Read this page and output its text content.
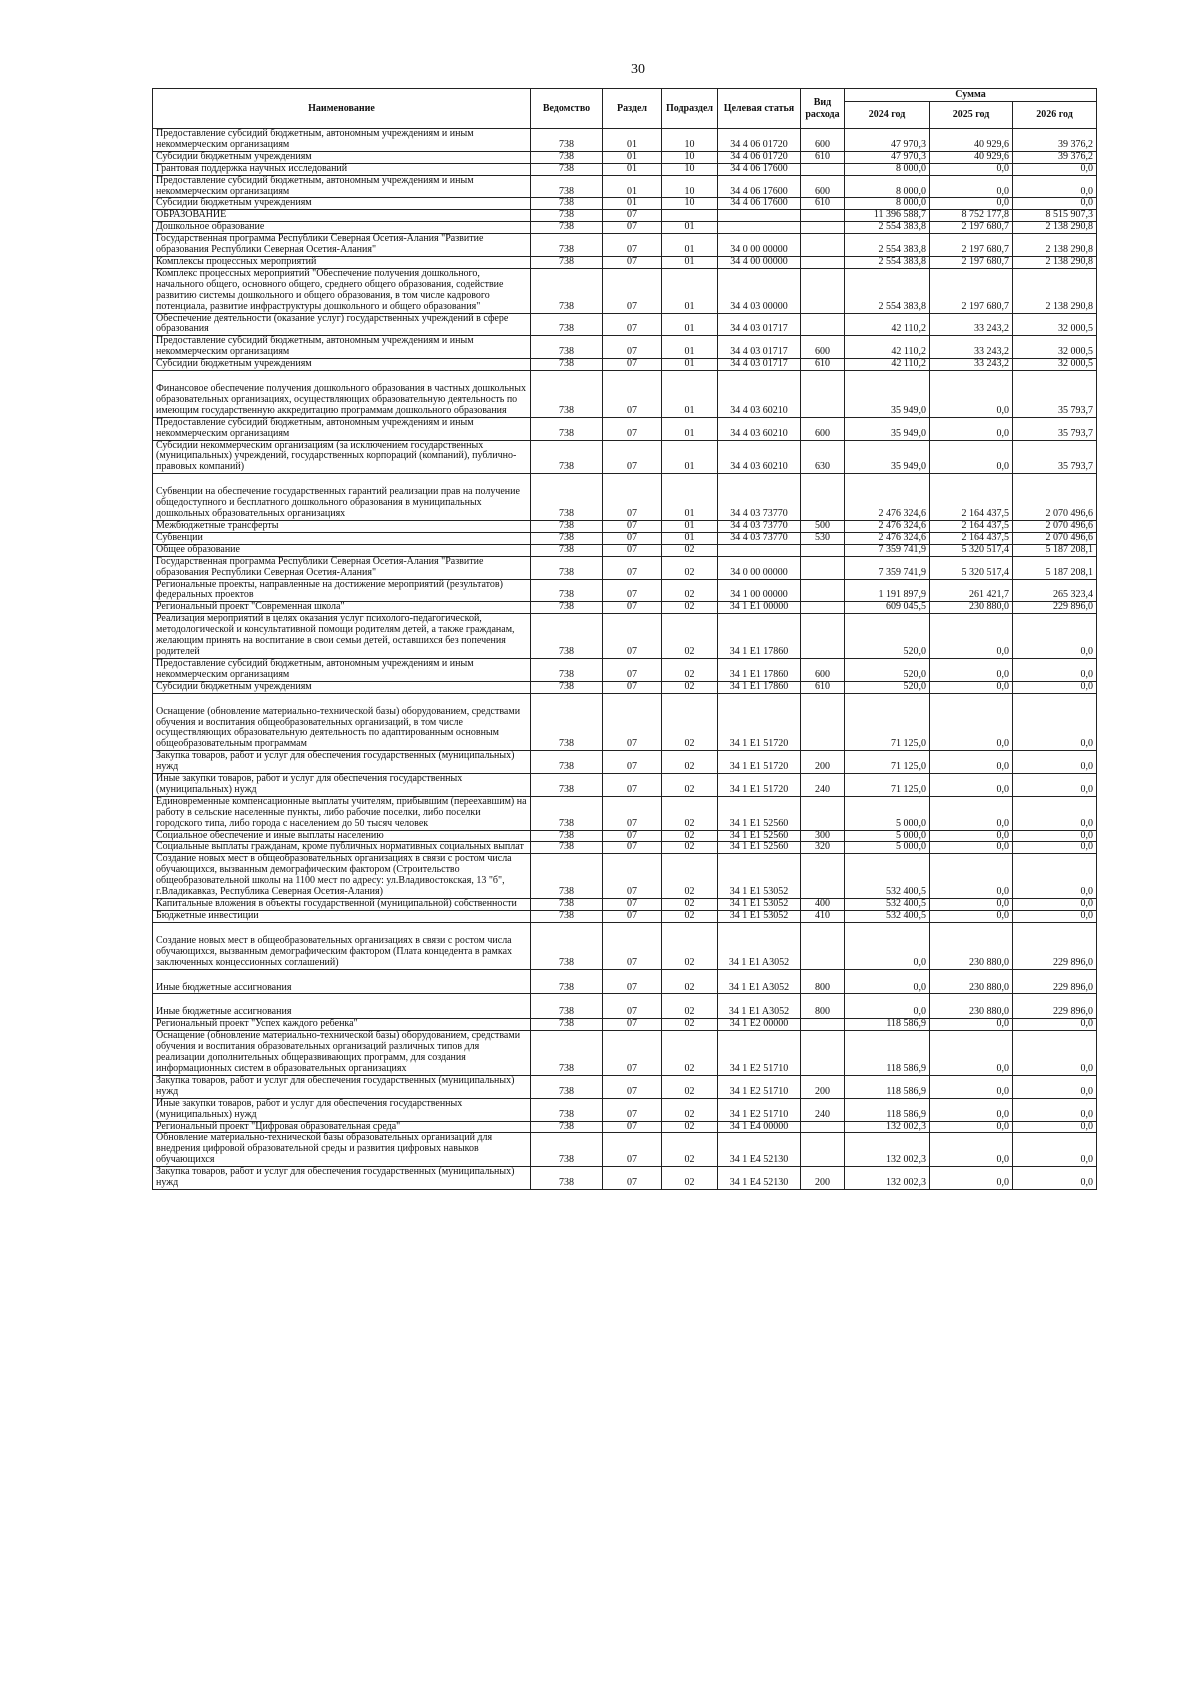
30
Наименование	Ведомство	Раздел	Подраздел	Целевая статья	Вид расхода	Сумма		
						2024 год	2025 год	2026 год
Предоставление субсидий бюджетным, автономным учреждениям и иным некоммерческим организациям	738	01	10	34 4 06 01720	600	47 970,3	40 929,6	39 376,2
Субсидии бюджетным учреждениям	738	01	10	34 4 06 01720	610	47 970,3	40 929,6	39 376,2
Грантовая поддержка научных исследований	738	01	10	34 4 06 17600		8 000,0	0,0	0,0
Предоставление субсидий бюджетным, автономным учреждениям и иным некоммерческим организациям	738	01	10	34 4 06 17600	600	8 000,0	0,0	0,0
Субсидии бюджетным учреждениям	738	01	10	34 4 06 17600	610	8 000,0	0,0	0,0
ОБРАЗОВАНИЕ	738	07				11 396 588,7	8 752 177,8	8 515 907,3
Дошкольное образование	738	07	01			2 554 383,8	2 197 680,7	2 138 290,8
Государственная программа Республики Северная Осетия-Алания "Развитие образования Республики Северная Осетия-Алания"	738	07	01	34 0 00 00000		2 554 383,8	2 197 680,7	2 138 290,8
Комплексы процессных мероприятий	738	07	01	34 4 00 00000		2 554 383,8	2 197 680,7	2 138 290,8
Комплекс процессных мероприятий "Обеспечение получения дошкольного, начального общего, основного общего, среднего общего образования, содействие развитию системы дошкольного и общего образования, в том числе кадрового потенциала, развитие инфраструктуры дошкольного и общего образования"	738	07	01	34 4 03 00000		2 554 383,8	2 197 680,7	2 138 290,8
Обеспечение деятельности (оказание услуг) государственных учреждений в сфере образования	738	07	01	34 4 03 01717		42 110,2	33 243,2	32 000,5
Предоставление субсидий бюджетным, автономным учреждениям и иным некоммерческим организациям	738	07	01	34 4 03 01717	600	42 110,2	33 243,2	32 000,5
Субсидии бюджетным учреждениям	738	07	01	34 4 03 01717	610	42 110,2	33 243,2	32 000,5
Финансовое обеспечение получения дошкольного образования в частных дошкольных образовательных организациях, осуществляющих образовательную деятельность по имеющим государственную аккредитацию программам дошкольного образования	738	07	01	34 4 03 60210		35 949,0	0,0	35 793,7
Предоставление субсидий бюджетным, автономным учреждениям и иным некоммерческим организациям	738	07	01	34 4 03 60210	600	35 949,0	0,0	35 793,7
Субсидии некоммерческим организациям (за исключением государственных (муниципальных) учреждений, государственных корпораций (компаний), публично-правовых компаний)	738	07	01	34 4 03 60210	630	35 949,0	0,0	35 793,7
Субвенции на обеспечение государственных гарантий реализации прав на получение общедоступного и бесплатного дошкольного образования в муниципальных дошкольных образовательных организациях	738	07	01	34 4 03 73770		2 476 324,6	2 164 437,5	2 070 496,6
Межбюджетные трансферты	738	07	01	34 4 03 73770	500	2 476 324,6	2 164 437,5	2 070 496,6
Субвенции	738	07	01	34 4 03 73770	530	2 476 324,6	2 164 437,5	2 070 496,6
Общее образование	738	07	02			7 359 741,9	5 320 517,4	5 187 208,1
Государственная программа Республики Северная Осетия-Алания "Развитие образования Республики Северная Осетия-Алания"	738	07	02	34 0 00 00000		7 359 741,9	5 320 517,4	5 187 208,1
Региональные проекты, направленные на достижение мероприятий (результатов) федеральных проектов	738	07	02	34 1 00 00000		1 191 897,9	261 421,7	265 323,4
Региональный проект "Современная школа"	738	07	02	34 1 E1 00000		609 045,5	230 880,0	229 896,0
Реализация мероприятий в целях оказания услуг психолого-педагогической, методологической и консультативной помощи родителям детей, а также гражданам, желающим принять на воспитание в свои семьи детей, оставшихся без попечения родителей	738	07	02	34 1 E1 17860		520,0	0,0	0,0
Предоставление субсидий бюджетным, автономным учреждениям и иным некоммерческим организациям	738	07	02	34 1 E1 17860	600	520,0	0,0	0,0
Субсидии бюджетным учреждениям	738	07	02	34 1 E1 17860	610	520,0	0,0	0,0
Оснащение (обновление материально-технической базы) оборудованием, средствами обучения и воспитания общеобразовательных организаций, в том числе осуществляющих образовательную деятельность по адаптированным основным общеобразовательным программам	738	07	02	34 1 E1 51720		71 125,0	0,0	0,0
Закупка товаров, работ и услуг для обеспечения государственных (муниципальных) нужд	738	07	02	34 1 E1 51720	200	71 125,0	0,0	0,0
Иные закупки товаров, работ и услуг для обеспечения государственных (муниципальных) нужд	738	07	02	34 1 E1 51720	240	71 125,0	0,0	0,0
Единовременные компенсационные выплаты учителям, прибывшим (переехавшим) на работу в сельские населенные пункты, либо рабочие поселки, либо поселки городского типа, либо города с населением до 50 тысяч человек	738	07	02	34 1 E1 52560		5 000,0	0,0	0,0
Социальное обеспечение и иные выплаты населению	738	07	02	34 1 E1 52560	300	5 000,0	0,0	0,0
Социальные выплаты гражданам, кроме публичных нормативных социальных выплат	738	07	02	34 1 E1 52560	320	5 000,0	0,0	0,0
Создание новых мест в общеобразовательных организациях в связи с ростом числа обучающихся, вызванным демографическим фактором (Строительство общеобразовательной школы на 1100 мест по адресу: ул.Владивостокская, 13 "б", г.Владикавказ, Республика Северная Осетия-Алания)	738	07	02	34 1 E1 53052		532 400,5	0,0	0,0
Капитальные вложения в объекты государственной (муниципальной) собственности	738	07	02	34 1 E1 53052	400	532 400,5	0,0	0,0
Бюджетные инвестиции	738	07	02	34 1 E1 53052	410	532 400,5	0,0	0,0
Создание новых мест в общеобразовательных организациях в связи с ростом числа обучающихся, вызванным демографическим фактором (Плата концедента в рамках заключенных концессионных соглашений)	738	07	02	34 1 E1 A3052		0,0	230 880,0	229 896,0
Иные бюджетные ассигнования	738	07	02	34 1 E1 A3052	800	0,0	230 880,0	229 896,0
Иные бюджетные ассигнования	738	07	02	34 1 E1 A3052	800	0,0	230 880,0	229 896,0
Региональный проект "Успех каждого ребенка"	738	07	02	34 1 E2 00000		118 586,9	0,0	0,0
Оснащение (обновление материально-технической базы) оборудованием, средствами обучения и воспитания образовательных организаций различных типов для реализации дополнительных общеразвивающих программ, для создания информационных систем в образовательных организациях	738	07	02	34 1 E2 51710		118 586,9	0,0	0,0
Закупка товаров, работ и услуг для обеспечения государственных (муниципальных) нужд	738	07	02	34 1 E2 51710	200	118 586,9	0,0	0,0
Иные закупки товаров, работ и услуг для обеспечения государственных (муниципальных) нужд	738	07	02	34 1 E2 51710	240	118 586,9	0,0	0,0
Региональный проект "Цифровая образовательная среда"	738	07	02	34 1 E4 00000		132 002,3	0,0	0,0
Обновление материально-технической базы образовательных организаций для внедрения цифровой образовательной среды и развития цифровых навыков обучающихся	738	07	02	34 1 E4 52130		132 002,3	0,0	0,0
Закупка товаров, работ и услуг для обеспечения государственных (муниципальных) нужд	738	07	02	34 1 E4 52130	200	132 002,3	0,0	0,0
